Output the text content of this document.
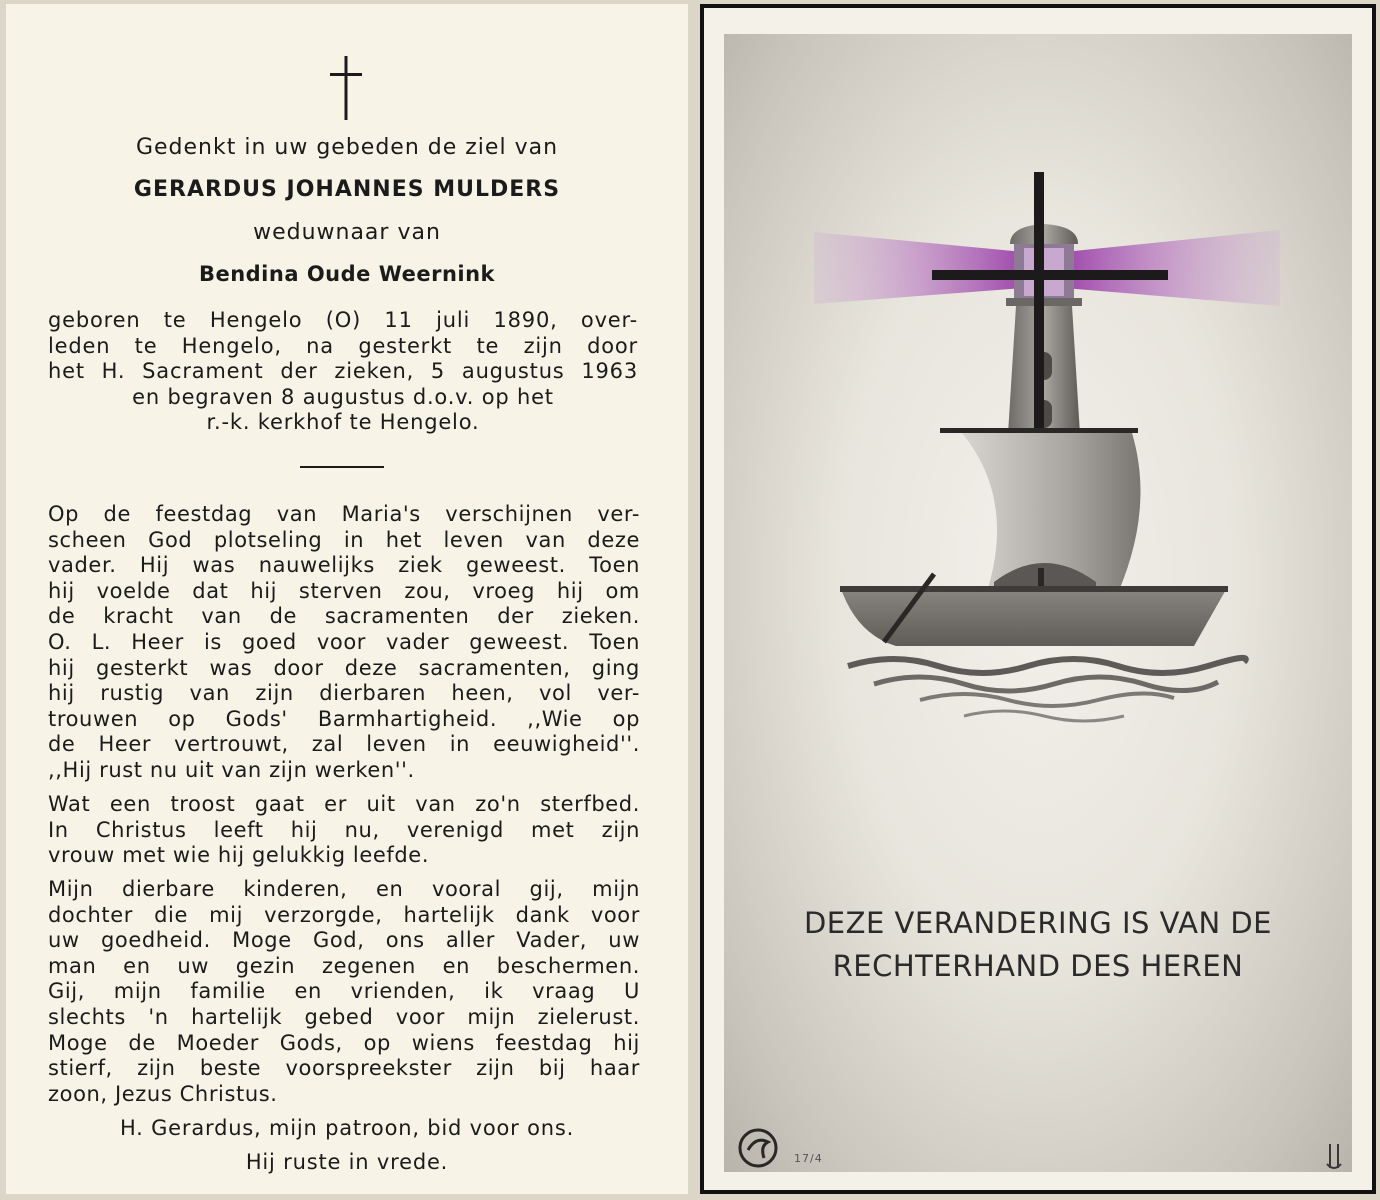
Gedenkt in uw gebeden de ziel van
GERARDUS JOHANNES MULDERS
weduwnaar van
Bendina Oude Weernink
geboren te Hengelo (O) 11 juli 1890, over-
leden te Hengelo, na gesterkt te zijn door
het H. Sacrament der zieken, 5 augustus 1963
en begraven 8 augustus d.o.v. op het
r.-k. kerkhof te Hengelo.
Op de feestdag van Maria's verschijnen ver-
scheen God plotseling in het leven van deze
vader. Hij was nauwelijks ziek geweest. Toen
hij voelde dat hij sterven zou, vroeg hij om
de kracht van de sacramenten der zieken.
O. L. Heer is goed voor vader geweest. Toen
hij gesterkt was door deze sacramenten, ging
hij rustig van zijn dierbaren heen, vol ver-
trouwen op Gods' Barmhartigheid. ,,Wie op
de Heer vertrouwt, zal leven in eeuwigheid''.
,,Hij rust nu uit van zijn werken''.
Wat een troost gaat er uit van zo'n sterfbed.
In Christus leeft hij nu, verenigd met zijn
vrouw met wie hij gelukkig leefde.
Mijn dierbare kinderen, en vooral gij, mijn
dochter die mij verzorgde, hartelijk dank voor
uw goedheid. Moge God, ons aller Vader, uw
man en uw gezin zegenen en beschermen.
Gij, mijn familie en vrienden, ik vraag U
slechts 'n hartelijk gebed voor mijn zielerust.
Moge de Moeder Gods, op wiens feestdag hij
stierf, zijn beste voorspreekster zijn bij haar
zoon, Jezus Christus.
H. Gerardus, mijn patroon, bid voor ons.
Hij ruste in vrede.
DEZE VERANDERING IS VAN DE
RECHTERHAND DES HEREN
17/4
